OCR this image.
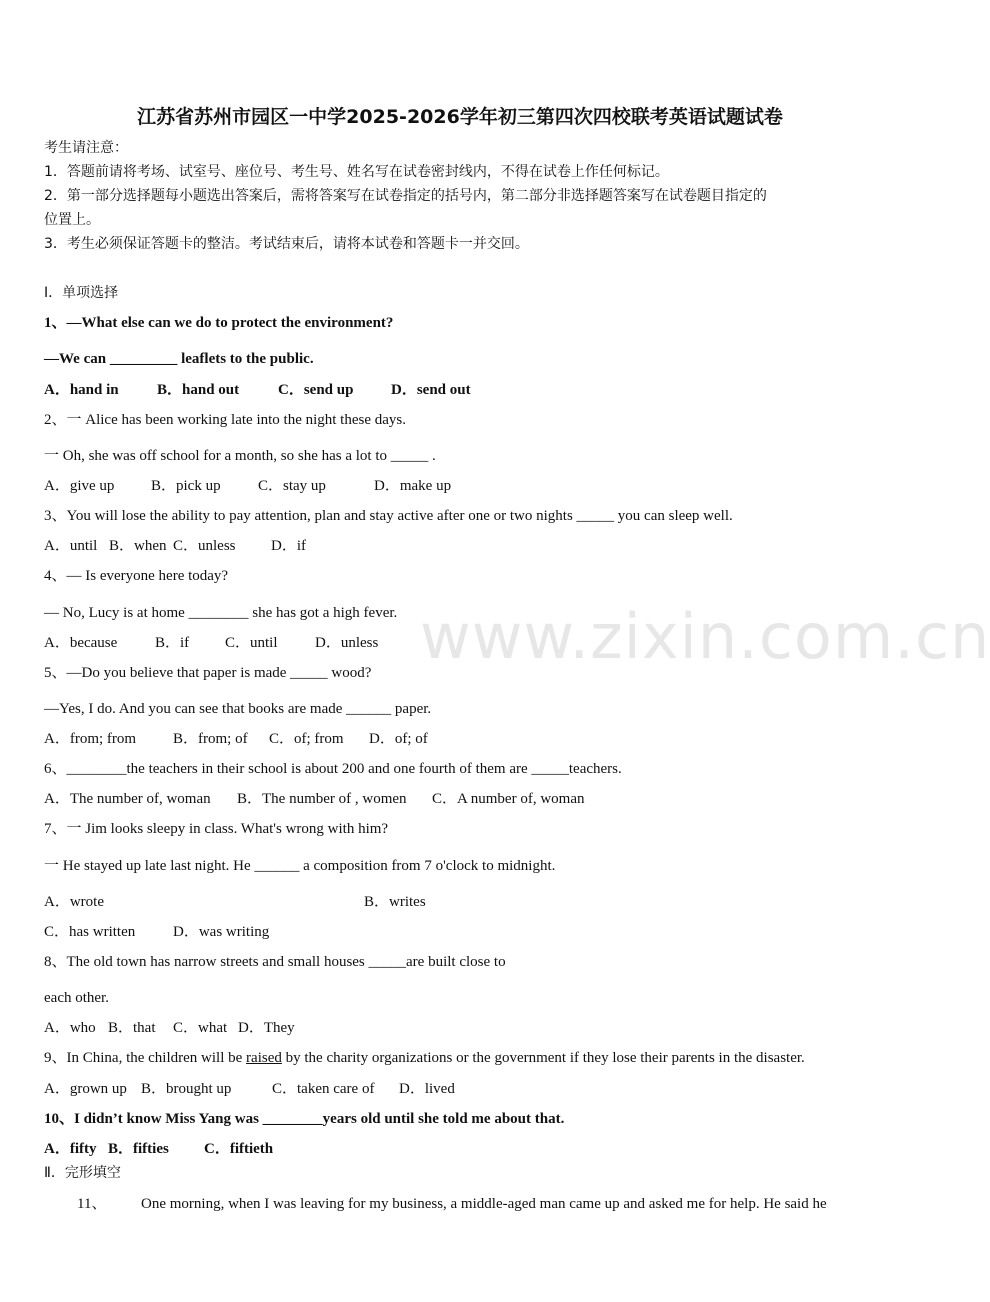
江苏省苏州市园区一中学2025-2026学年初三第四次四校联考英语试题试卷
考生请注意：
1．答题前请将考场、试室号、座位号、考生号、姓名写在试卷密封线内，不得在试卷上作任何标记。
2．第一部分选择题每小题选出答案后，需将答案写在试卷指定的括号内，第二部分非选择题答案写在试卷题目指定的
位置上。
3．考生必须保证答题卡的整洁。考试结束后，请将本试卷和答题卡一并交回。
Ⅰ．单项选择
1、—What else can we do to protect the environment?
—We can _________ leaflets to the public.
A．hand in	B．hand out	C．send up	D．send out
2、一 Alice has been working late into the night these days.
一 Oh, she was off school for a month, so she has a lot to _____ .
A．give up B．pick up C．stay up	D．make up
3、You will lose the ability to pay attention, plan and stay active after one or two nights _____ you can sleep well.
A．until B．when C．unless D．if
4、— Is everyone here today?
— No, Lucy is at home ________ she has got a high fever.
A．because	B．if C．until D．unless
5、—Do you believe that paper is made _____ wood?
—Yes, I do. And you can see that books are made ______ paper.
A．from; from B．from; of C．of; from D．of; of
6、________the teachers in their school is about 200 and one fourth of them are _____teachers.
A．The number of, woman B．The number of , women C．A number of, woman
7、一 Jim looks sleepy in class. What's wrong with him?
一 He stayed up late last night. He ______ a composition from 7 o'clock to midnight.
A．wrote	B．writes
C．has written	D．was writing
8、The old town has narrow streets and small houses _____are built close to
each other.
A．who B．that C．what D．They
9、In China, the children will be raised by the charity organizations or the government if they lose their parents in the disaster.
A．grown up B．brought up	C．taken care of D．lived
10、I didn’t know Miss Yang was ________years old until she told me about that.
A．fifty B．fifties C．fiftieth
Ⅱ．完形填空
11、 One morning, when I was leaving for my business, a middle-aged man came up and asked me for help. He said he
www.zixin.com.cn
